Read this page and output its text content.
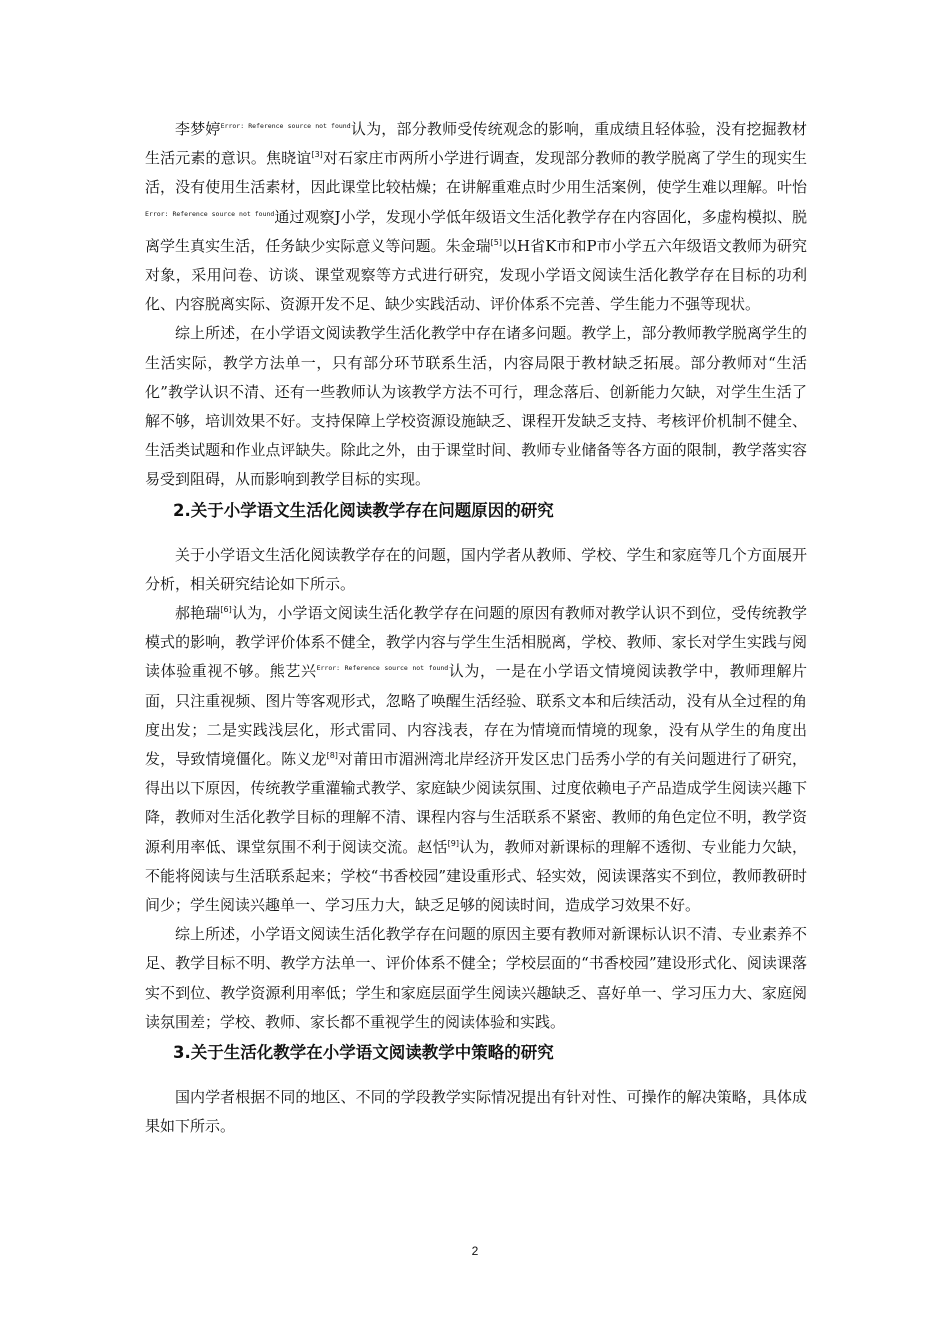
李梦婷$^{Error: Reference source not found}$认为，部分教师受传统观念的影响，重成绩且轻体验，没有挖掘教材生活元素的意识。焦晓谊[3]对石家庄市两所小学进行调查，发现部分教师的教学脱离了学生的现实生活，没有使用生活素材，因此课堂比较枯燥；在讲解重难点时少用生活案例，使学生难以理解。叶怡$^{Error: Reference source not found}$通过观察J小学，发现小学低年级语文生活化教学存在内容固化，多虚构模拟、脱离学生真实生活，任务缺少实际意义等问题。朱金瑞[5]以H省K市和P市小学五六年级语文教师为研究对象，采用问卷、访谈、课堂观察等方式进行研究，发现小学语文阅读生活化教学存在目标的功利化、内容脱离实际、资源开发不足、缺少实践活动、评价体系不完善、学生能力不强等现状。

综上所述，在小学语文阅读教学生活化教学中存在诸多问题。教学上，部分教师教学脱离学生的生活实际，教学方法单一，只有部分环节联系生活，内容局限于教材缺乏拓展。部分教师对“生活化”教学认识不清、还有一些教师认为该教学方法不可行，理念落后、创新能力欠缺，对学生生活了解不够，培训效果不好。支持保障上学校资源设施缺乏、课程开发缺乏支持、考核评价机制不健全、生活类试题和作业点评缺失。除此之外，由于课堂时间、教师专业储备等各方面的限制，教学落实容易受到阻碍，从而影响到教学目标的实现。

2.关于小学语文生活化阅读教学存在问题原因的研究

关于小学语文生活化阅读教学存在的问题，国内学者从教师、学校、学生和家庭等几个方面展开分析，相关研究结论如下所示。

郝艳瑞[6]认为，小学语文阅读生活化教学存在问题的原因有教师对教学认识不到位，受传统教学模式的影响，教学评价体系不健全，教学内容与学生生活相脱离，学校、教师、家长对学生实践与阅读体验重视不够。熊艺兴$^{Error: Reference source not found}$认为，一是在小学语文情境阅读教学中，教师理解片面，只注重视频、图片等客观形式，忽略了唤醒生活经验、联系文本和后续活动，没有从全过程的角度出发；二是实践浅层化，形式雷同、内容浅表，存在为情境而情境的现象，没有从学生的角度出发，导致情境僵化。陈义龙[8]对莆田市湄洲湾北岸经济开发区忠门岳秀小学的有关问题进行了研究，得出以下原因，传统教学重灌输式教学、家庭缺少阅读氛围、过度依赖电子产品造成学生阅读兴趣下降，教师对生活化教学目标的理解不清、课程内容与生活联系不紧密、教师的角色定位不明，教学资源利用率低、课堂氛围不利于阅读交流。赵恬[9]认为，教师对新课标的理解不透彻、专业能力欠缺，不能将阅读与生活联系起来；学校“书香校园”建设重形式、轻实效，阅读课落实不到位，教师教研时间少；学生阅读兴趣单一、学习压力大，缺乏足够的阅读时间，造成学习效果不好。

综上所述，小学语文阅读生活化教学存在问题的原因主要有教师对新课标认识不清、专业素养不足、教学目标不明、教学方法单一、评价体系不健全；学校层面的“书香校园”建设形式化、阅读课落实不到位、教学资源利用率低；学生和家庭层面学生阅读兴趣缺乏、喜好单一、学习压力大、家庭阅读氛围差；学校、教师、家长都不重视学生的阅读体验和实践。

3.关于生活化教学在小学语文阅读教学中策略的研究

国内学者根据不同的地区、不同的学段教学实际情况提出有针对性、可操作的解决策略，具体成果如下所示。

2
